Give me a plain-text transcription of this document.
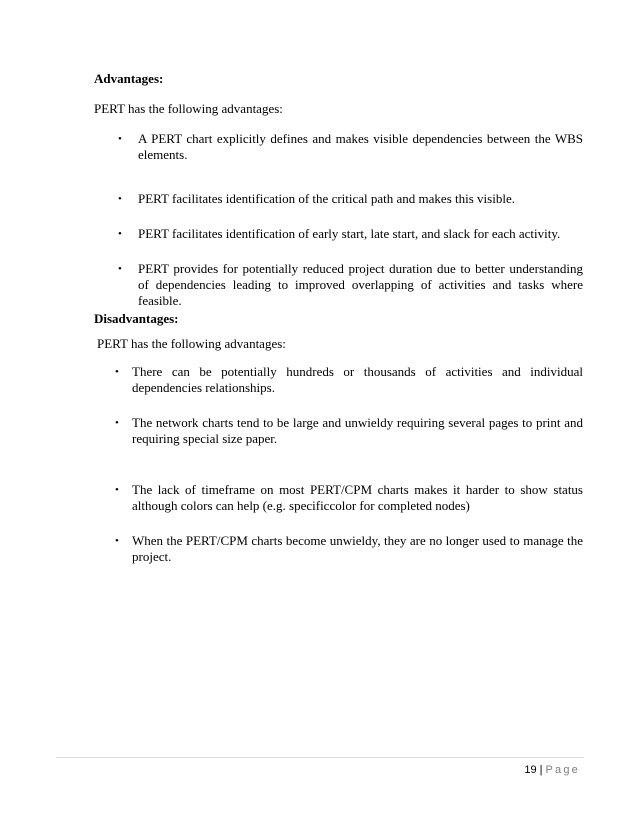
Advantages:
PERT has the following advantages:
• A PERT chart explicitly defines and makes visible dependencies between the WBS elements.
• PERT facilitates identification of the critical path and makes this visible.
• PERT facilitates identification of early start, late start, and slack for each activity.
• PERT provides for potentially reduced project duration due to better understanding of dependencies leading to improved overlapping of activities and tasks where feasible.
Disadvantages:
PERT has the following advantages:
• There can be potentially hundreds or thousands of activities and individual dependencies relationships.
• The network charts tend to be large and unwieldy requiring several pages to print and requiring special size paper.
• The lack of timeframe on most PERT/CPM charts makes it harder to show status although colors can help (e.g. specificcolor for completed nodes)
• When the PERT/CPM charts become unwieldy, they are no longer used to manage the project.
19 | Page
